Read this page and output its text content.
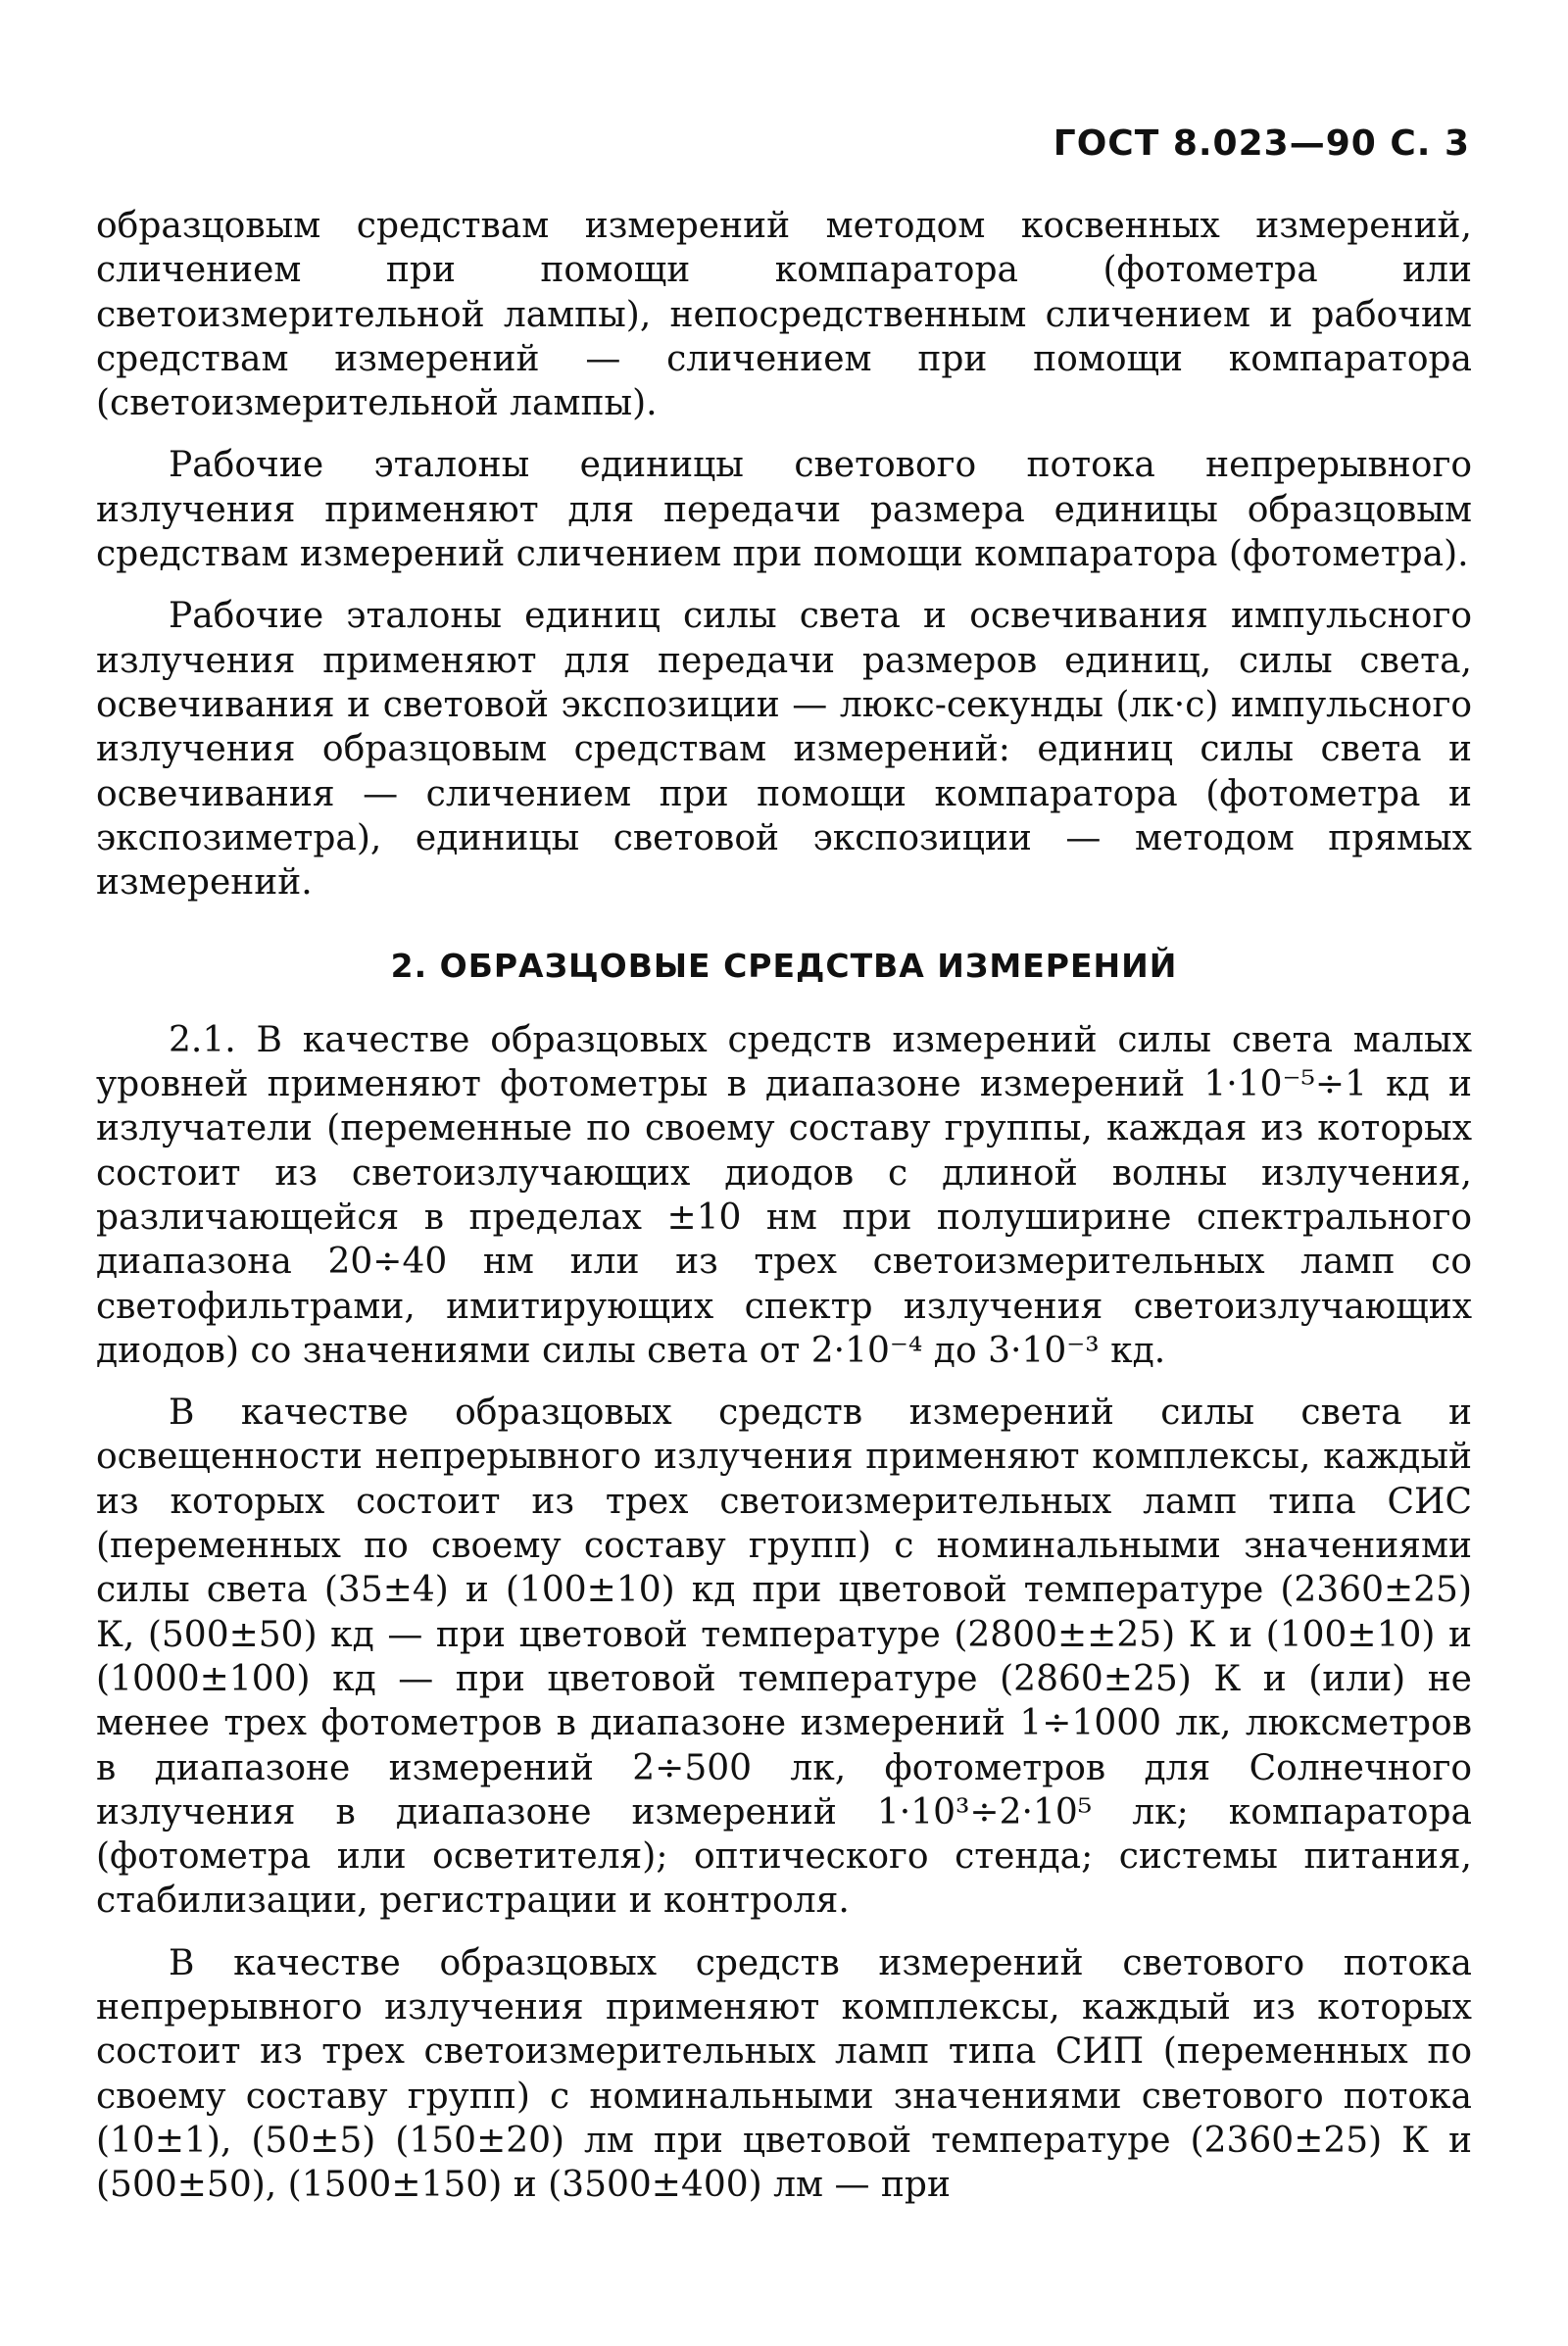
ГОСТ 8.023—90 С. 3

образцовым средствам измерений методом косвенных измерений, сличением при помощи компаратора (фотометра или светоизмерительной лампы), непосредственным сличением и рабочим средствам измерений — сличением при помощи компаратора (светоизмерительной лампы).

Рабочие эталоны единицы светового потока непрерывного излучения применяют для передачи размера единицы образцовым средствам измерений сличением при помощи компаратора (фотометра).

Рабочие эталоны единиц силы света и освечивания импульсного излучения применяют для передачи размеров единиц, силы света, освечивания и световой экспозиции — люкс-секунды (лк·с) импульсного излучения образцовым средствам измерений: единиц силы света и освечивания — сличением при помощи компаратора (фотометра и экспозиметра), единицы световой экспозиции — методом прямых измерений.

2. ОБРАЗЦОВЫЕ СРЕДСТВА ИЗМЕРЕНИЙ

2.1. В качестве образцовых средств измерений силы света малых уровней применяют фотометры в диапазоне измерений 1·10⁻⁵÷1 кд и излучатели (переменные по своему составу группы, каждая из которых состоит из светоизлучающих диодов с длиной волны излучения, различающейся в пределах ±10 нм при полуширине спектрального диапазона 20÷40 нм или из трех светоизмерительных ламп со светофильтрами, имитирующих спектр излучения светоизлучающих диодов) со значениями силы света от 2·10⁻⁴ до 3·10⁻³ кд.

В качестве образцовых средств измерений силы света и освещенности непрерывного излучения применяют комплексы, каждый из которых состоит из трех светоизмерительных ламп типа СИС (переменных по своему составу групп) с номинальными значениями силы света (35±4) и (100±10) кд при цветовой температуре (2360±25) К, (500±50) кд — при цветовой температуре (2800±±25) К и (100±10) и (1000±100) кд — при цветовой температуре (2860±25) К и (или) не менее трех фотометров в диапазоне измерений 1÷1000 лк, люксметров в диапазоне измерений 2÷500 лк, фотометров для Солнечного излучения в диапазоне измерений 1·10³÷2·10⁵ лк; компаратора (фотометра или осветителя); оптического стенда; системы питания, стабилизации, регистрации и контроля.

В качестве образцовых средств измерений светового потока непрерывного излучения применяют комплексы, каждый из которых состоит из трех светоизмерительных ламп типа СИП (переменных по своему составу групп) с номинальными значениями светового потока (10±1), (50±5) (150±20) лм при цветовой температуре (2360±25) К и (500±50), (1500±150) и (3500±400) лм — при
